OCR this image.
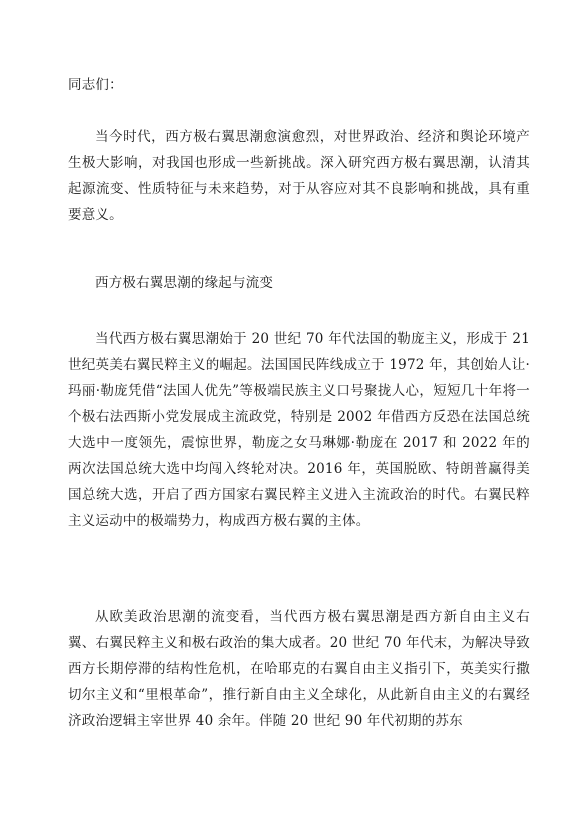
同志们：

当今时代，西方极右翼思潮愈演愈烈，对世界政治、经济和舆论环境产生极大影响，对我国也形成一些新挑战。深入研究西方极右翼思潮，认清其起源流变、性质特征与未来趋势，对于从容应对其不良影响和挑战，具有重要意义。

西方极右翼思潮的缘起与流变

当代西方极右翼思潮始于 20 世纪 70 年代法国的勒庞主义，形成于 21 世纪英美右翼民粹主义的崛起。法国国民阵线成立于 1972 年，其创始人让·玛丽·勒庞凭借“法国人优先”等极端民族主义口号聚拢人心，短短几十年将一个极右法西斯小党发展成主流政党，特别是 2002 年借西方反恐在法国总统大选中一度领先，震惊世界，勒庞之女马琳娜·勒庞在 2017 和 2022 年的两次法国总统大选中均闯入终轮对决。2016 年，英国脱欧、特朗普赢得美国总统大选，开启了西方国家右翼民粹主义进入主流政治的时代。右翼民粹主义运动中的极端势力，构成西方极右翼的主体。

从欧美政治思潮的流变看，当代西方极右翼思潮是西方新自由主义右翼、右翼民粹主义和极右政治的集大成者。20 世纪 70 年代末，为解决导致西方长期停滞的结构性危机，在哈耶克的右翼自由主义指引下，英美实行撒切尔主义和“里根革命”，推行新自由主义全球化，从此新自由主义的右翼经济政治逻辑主宰世界 40 余年。伴随 20 世纪 90 年代初期的苏东
